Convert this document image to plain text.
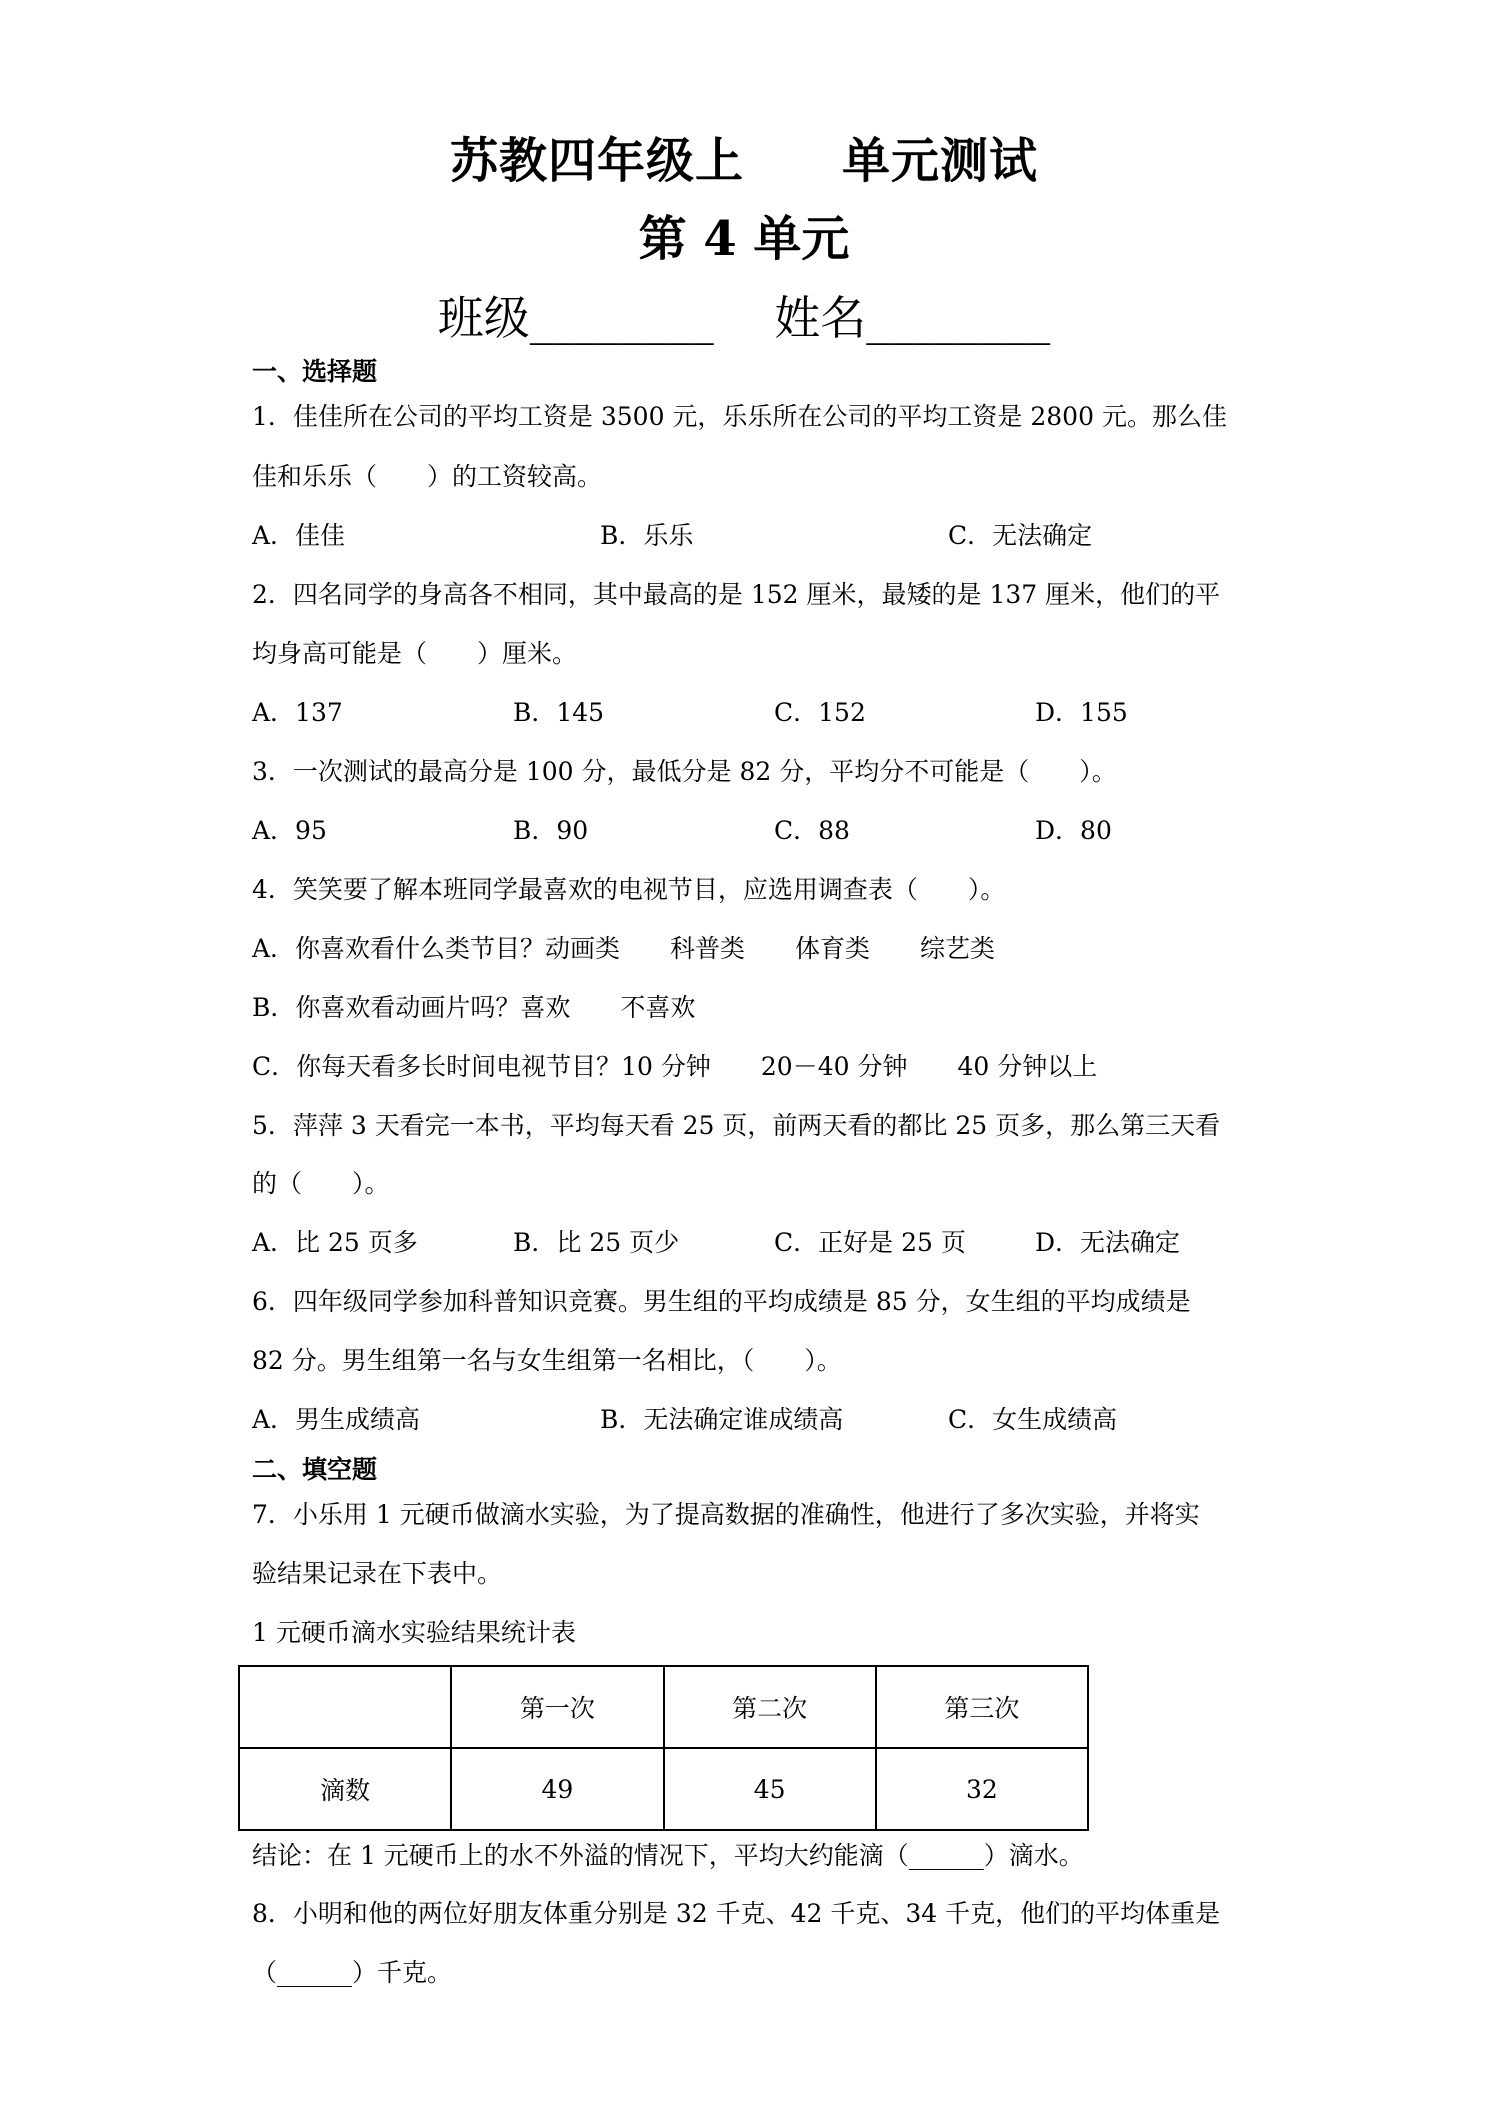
苏教四年级上　　单元测试
第 4 单元
班级________　 姓名________
一、选择题
1．佳佳所在公司的平均工资是 3500 元，乐乐所在公司的平均工资是 2800 元。那么佳
佳和乐乐（　　）的工资较高。
A．佳佳	B．乐乐	C．无法确定
2．四名同学的身高各不相同，其中最高的是 152 厘米，最矮的是 137 厘米，他们的平
均身高可能是（　　）厘米。
A．137	B．145	C．152	D．155
3．一次测试的最高分是 100 分，最低分是 82 分，平均分不可能是（　　）。
A．95	B．90	C．88	D．80
4．笑笑要了解本班同学最喜欢的电视节目，应选用调查表（　　）。
A．你喜欢看什么类节目？动画类　　科普类　　体育类　　综艺类
B．你喜欢看动画片吗？喜欢　　不喜欢
C．你每天看多长时间电视节目？10 分钟　　20－40 分钟　　40 分钟以上
5．萍萍 3 天看完一本书，平均每天看 25 页，前两天看的都比 25 页多，那么第三天看
的（　　）。
A．比 25 页多	B．比 25 页少	C．正好是 25 页	D．无法确定
6．四年级同学参加科普知识竞赛。男生组的平均成绩是 85 分，女生组的平均成绩是
82 分。男生组第一名与女生组第一名相比，（　　）。
A．男生成绩高	B．无法确定谁成绩高	C．女生成绩高
二、填空题
7．小乐用 1 元硬币做滴水实验，为了提高数据的准确性，他进行了多次实验，并将实
验结果记录在下表中。
1 元硬币滴水实验结果统计表
	第一次	第二次	第三次
滴数	49	45	32
结论：在 1 元硬币上的水不外溢的情况下，平均大约能滴（______）滴水。
8．小明和他的两位好朋友体重分别是 32 千克、42 千克、34 千克，他们的平均体重是
（______）千克。
